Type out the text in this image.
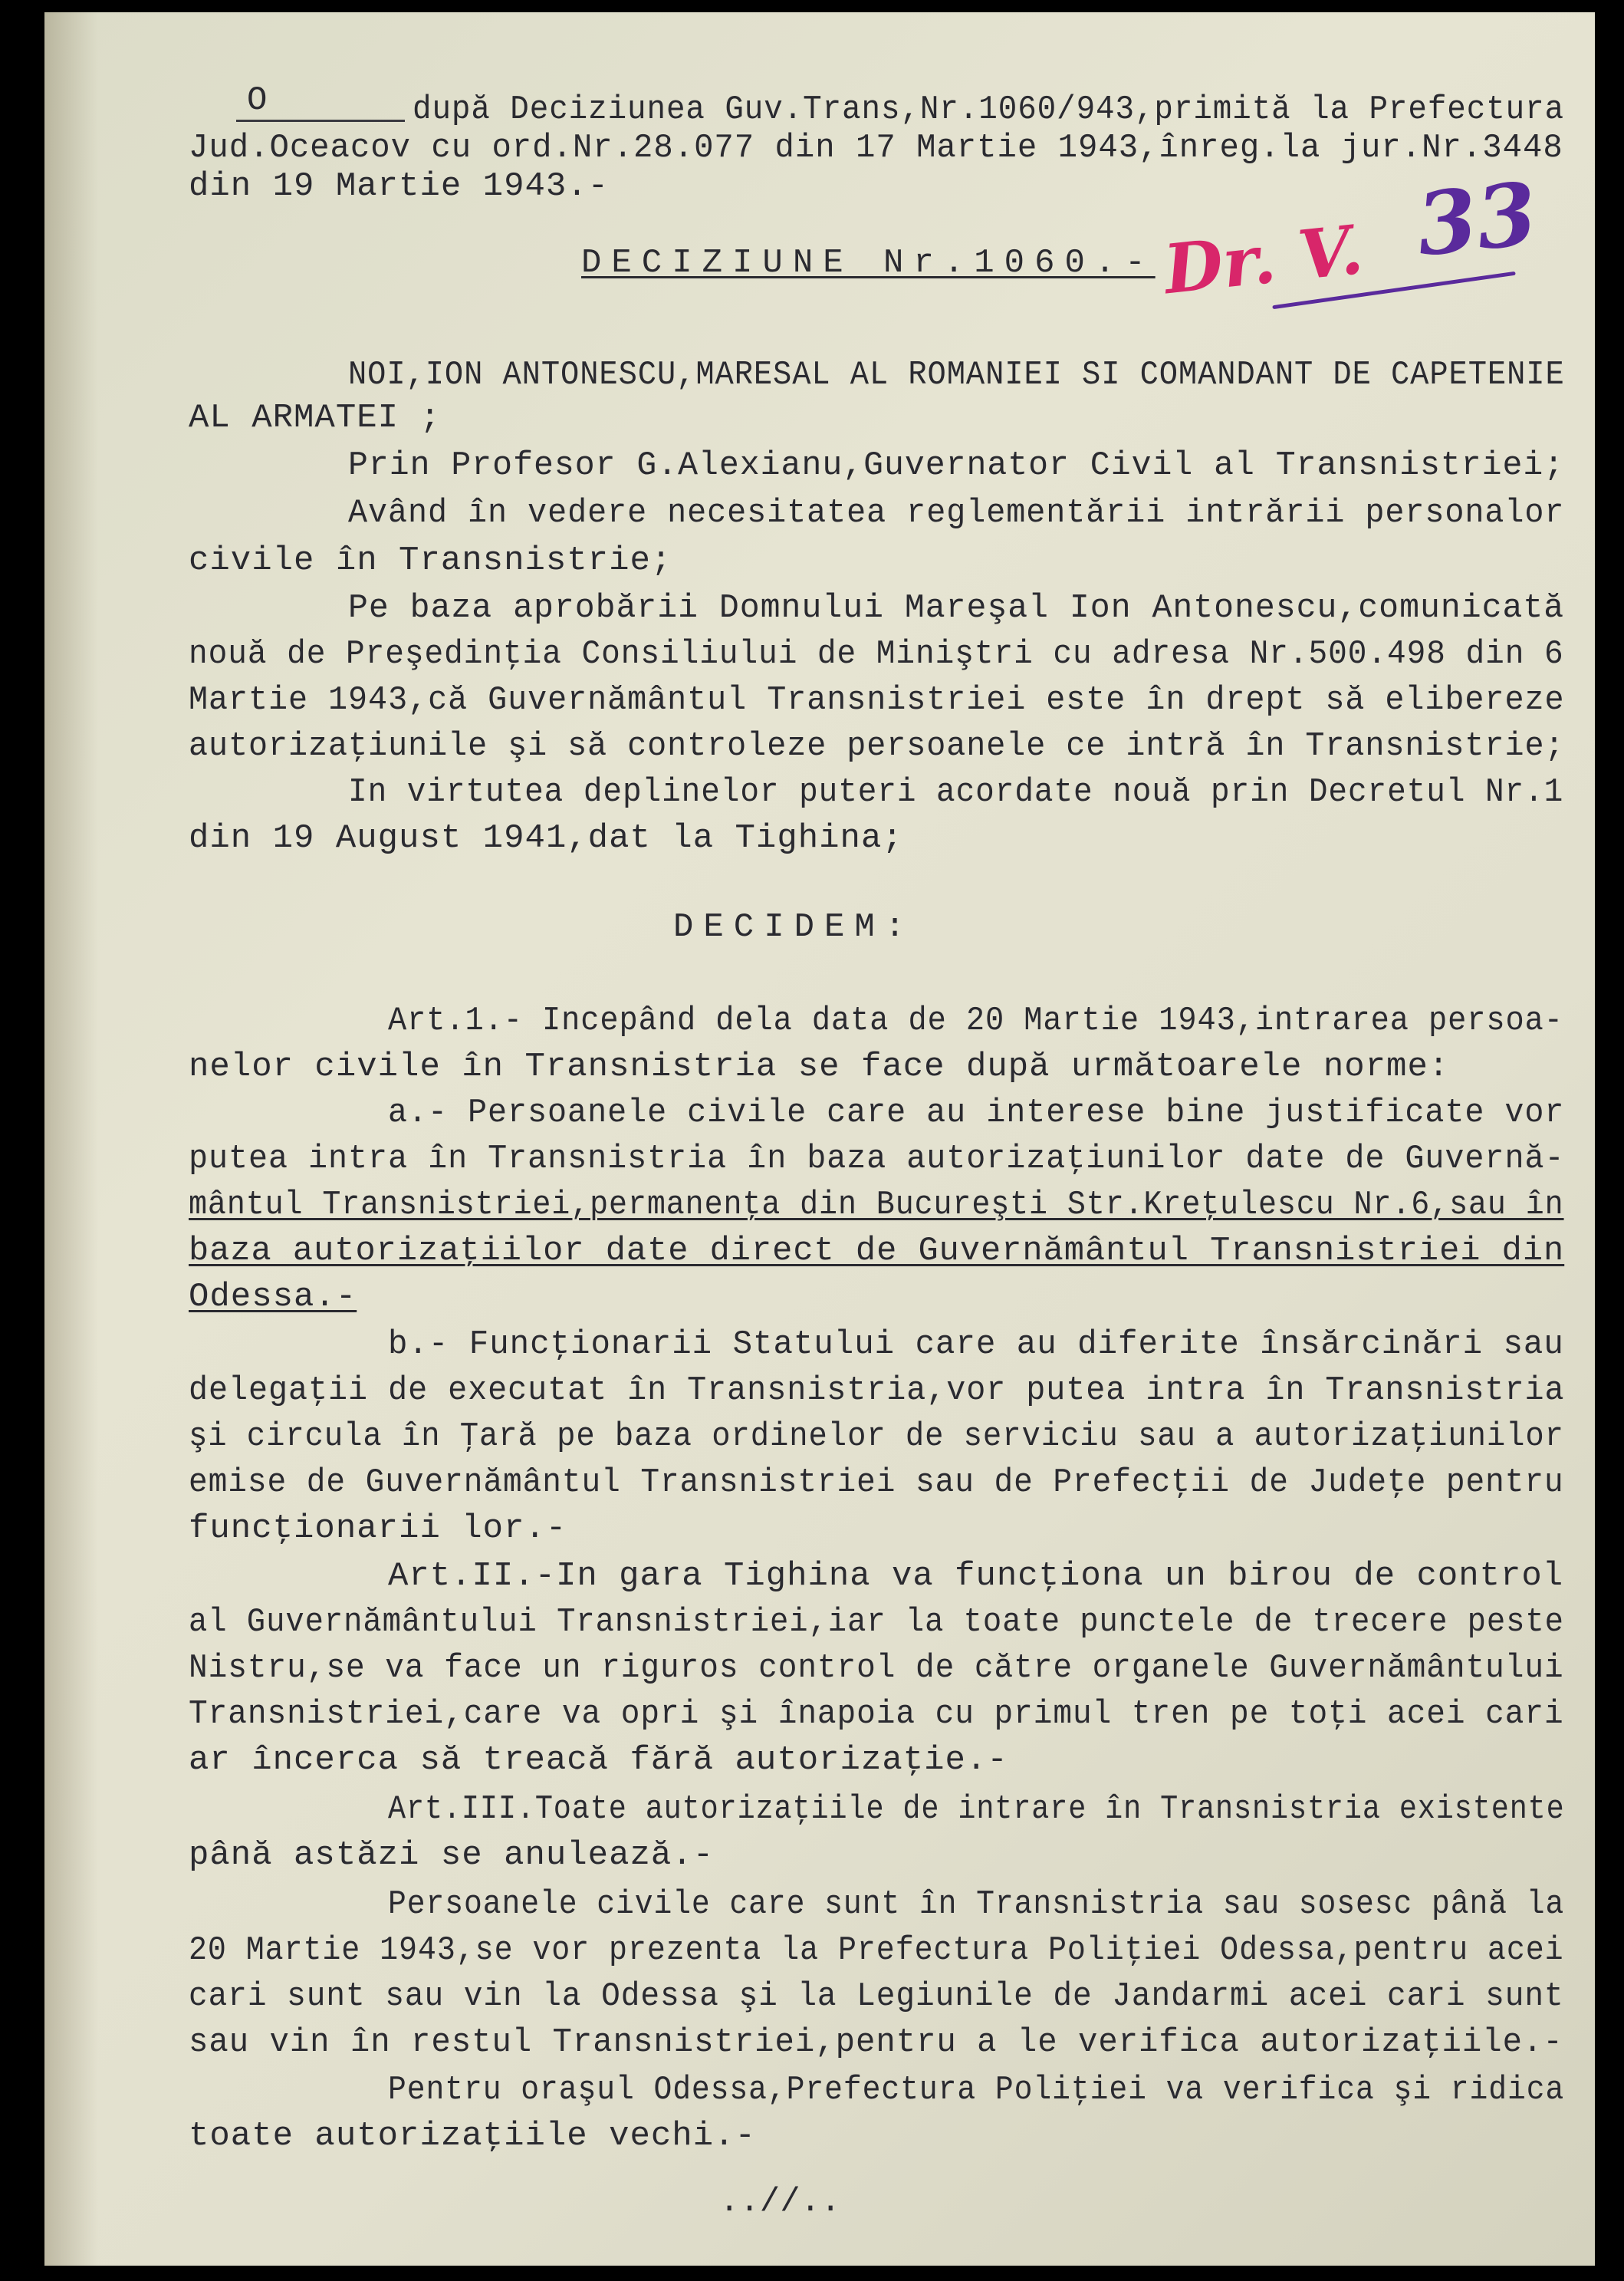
O	după Deciziunea Guv.Trans,Nr.1060/943,primită la Prefectura
Jud.Oceacov cu ord.Nr.28.077 din 17 Martie 1943,înreg.la jur.Nr.3448
din 19 Martie 1943.-
DECIZIUNE Nr.1060.- Dr. V. 33
NOI,ION ANTONESCU,MARESAL AL ROMANIEI SI COMANDANT DE CAPETENIE
AL ARMATEI ;
Prin Profesor G.Alexianu,Guvernator Civil al Transnistriei;
Având în vedere necesitatea reglementării intrării personalor
civile în Transnistrie;
Pe baza aprobării Domnului Mareşal Ion Antonescu,comunicată
nouă de Preşedinţia Consiliului de Miniştri cu adresa Nr.500.498 din 6
Martie 1943,că Guvernământul Transnistriei este în drept să elibereze
autorizaţiunile şi să controleze persoanele ce intră în Transnistrie;
In virtutea deplinelor puteri acordate nouă prin Decretul Nr.1
din 19 August 1941,dat la Tighina;
DECIDEM:
Art.1.- Incepând dela data de 20 Martie 1943,intrarea persoa-
nelor civile în Transnistria se face după următoarele norme:
a.- Persoanele civile care au interese bine justificate vor
putea intra în Transnistria în baza autorizaţiunilor date de Guvernă-
mântul Transnistriei,permanenţa din Bucureşti Str.Kreţulescu Nr.6,sau în
baza autorizaţiilor date direct de Guvernământul Transnistriei din
Odessa.-
b.- Funcţionarii Statului care au diferite însărcinări sau
delegaţii de executat în Transnistria,vor putea intra în Transnistria
şi circula în Ţară pe baza ordinelor de serviciu sau a autorizaţiunilor
emise de Guvernământul Transnistriei sau de Prefecţii de Judeţe pentru
funcţionarii lor.-
Art.II.-In gara Tighina va funcţiona un birou de control
al Guvernământului Transnistriei,iar la toate punctele de trecere peste
Nistru,se va face un riguros control de către organele Guvernământului
Transnistriei,care va opri şi înapoia cu primul tren pe toţi acei cari
ar încerca să treacă fără autorizaţie.-
Art.III.Toate autorizaţiile de intrare în Transnistria existente
până astăzi se anulează.-
Persoanele civile care sunt în Transnistria sau sosesc până la
20 Martie 1943,se vor prezenta la Prefectura Poliţiei Odessa,pentru acei
cari sunt sau vin la Odessa şi la Legiunile de Jandarmi acei cari sunt
sau vin în restul Transnistriei,pentru a le verifica autorizaţiile.-
Pentru oraşul Odessa,Prefectura Poliţiei va verifica şi ridica
toate autorizaţiile vechi.-
..//..
